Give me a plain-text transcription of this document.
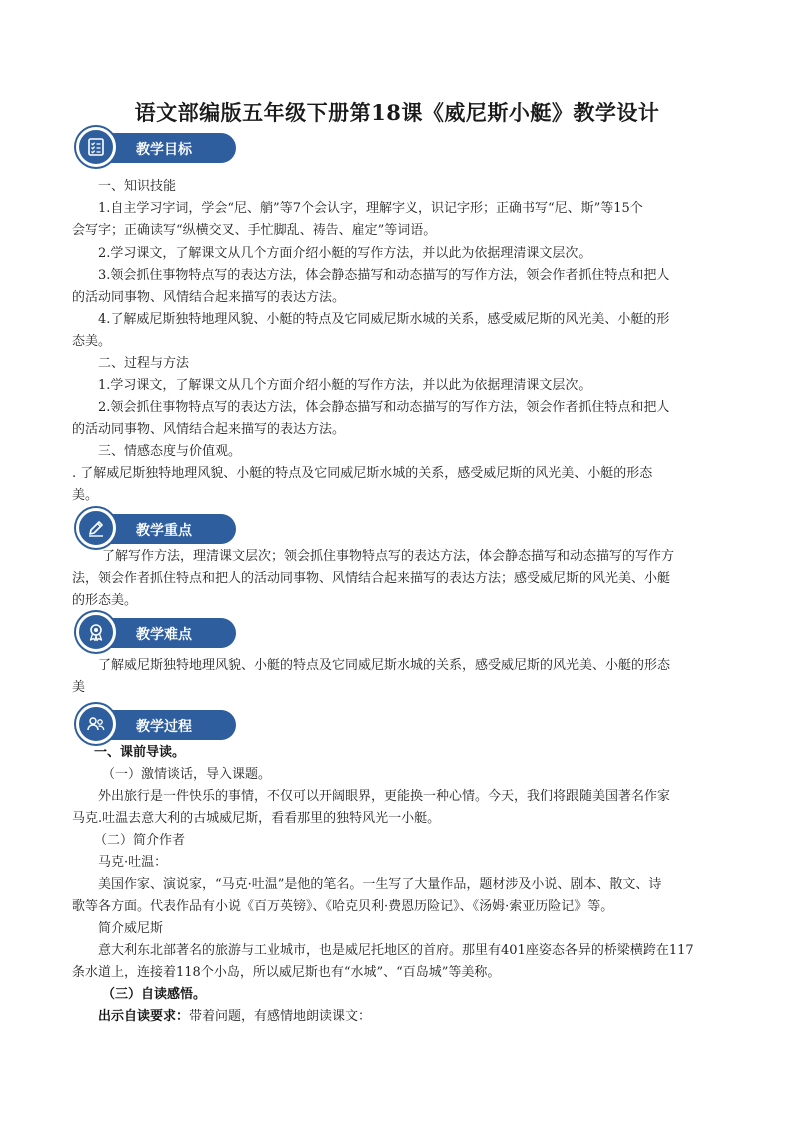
语文部编版五年级下册第18课《威尼斯小艇》教学设计
教学目标
一、知识技能
1.自主学习字词，学会“尼、艄”等7个会认字，理解字义，识记字形；正确书写“尼、斯”等15个
会写字；正确读写“纵横交叉、手忙脚乱、祷告、雇定”等词语。
2.学习课文，了解课文从几个方面介绍小艇的写作方法，并以此为依据理清课文层次。
3.领会抓住事物特点写的表达方法，体会静态描写和动态描写的写作方法，领会作者抓住特点和把人
的活动同事物、风情结合起来描写的表达方法。
4.了解威尼斯独特地理风貌、小艇的特点及它同威尼斯水城的关系，感受威尼斯的风光美、小艇的形
态美。
二、过程与方法
1.学习课文，了解课文从几个方面介绍小艇的写作方法，并以此为依据理清课文层次。
2.领会抓住事物特点写的表达方法，体会静态描写和动态描写的写作方法，领会作者抓住特点和把人
的活动同事物、风情结合起来描写的表达方法。
三、情感态度与价值观。
. 了解威尼斯独特地理风貌、小艇的特点及它同威尼斯水城的关系，感受威尼斯的风光美、小艇的形态
美。
教学重点
了解写作方法，理清课文层次；领会抓住事物特点写的表达方法，体会静态描写和动态描写的写作方
法，领会作者抓住特点和把人的活动同事物、风情结合起来描写的表达方法；感受威尼斯的风光美、小艇
的形态美。
教学难点
了解威尼斯独特地理风貌、小艇的特点及它同威尼斯水城的关系，感受威尼斯的风光美、小艇的形态
美
教学过程
一、课前导读。
（一）激情谈话，导入课题。
外出旅行是一件快乐的事情，不仅可以开阔眼界，更能换一种心情。今天，我们将跟随美国著名作家
马克.吐温去意大利的古城威尼斯，看看那里的独特风光一小艇。
（二）简介作者
马克·吐温：
美国作家、演说家，“马克·吐温”是他的笔名。一生写了大量作品，题材涉及小说、剧本、散文、诗
歌等各方面。代表作品有小说《百万英镑》、《哈克贝利·费恩历险记》、《汤姆·索亚历险记》等。
简介威尼斯
意大利东北部著名的旅游与工业城市，也是威尼托地区的首府。那里有401座姿态各异的桥梁横跨在117
条水道上，连接着118个小岛，所以威尼斯也有“水城”、“百岛城”等美称。
（三）自读感悟。
出示自读要求：带着问题，有感情地朗读课文：
